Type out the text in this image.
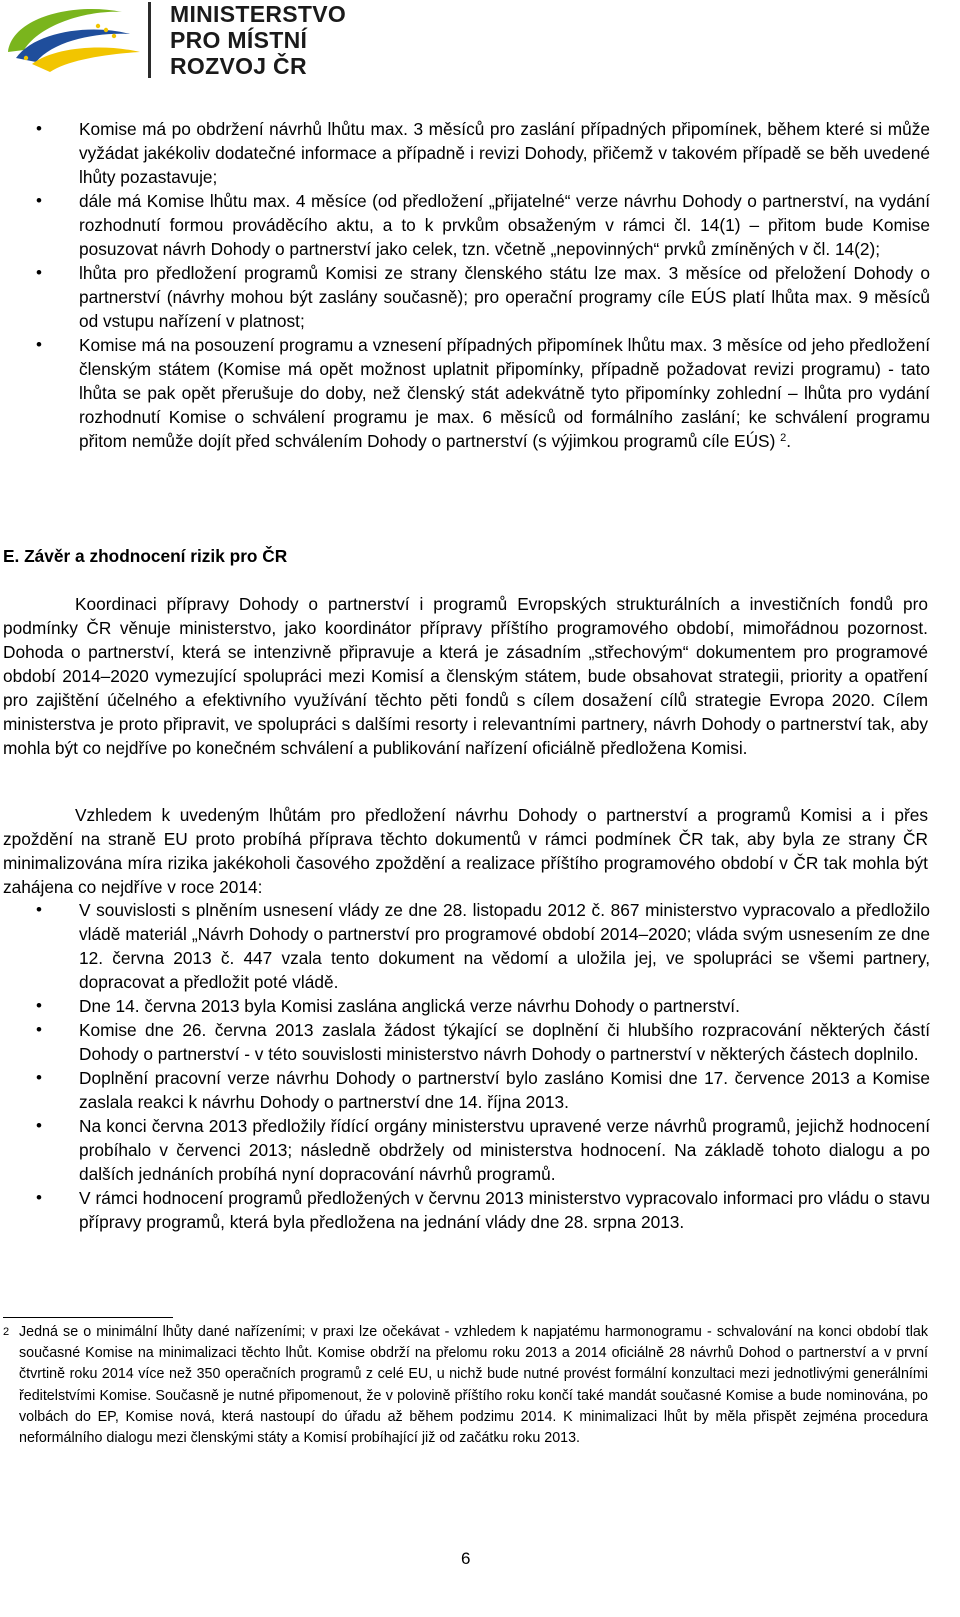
MINISTERSTVO
PRO MÍSTNÍ
ROZVOJ ČR
• Komise má po obdržení návrhů lhůtu max. 3 měsíců pro zaslání případných připomínek, během které si může vyžádat jakékoliv dodatečné informace a případně i revizi Dohody, přičemž v takovém případě se běh uvedené lhůty pozastavuje;
• dále má Komise lhůtu max. 4 měsíce (od předložení „přijatelné“ verze návrhu Dohody o partnerství, na vydání rozhodnutí formou prováděcího aktu, a to k prvkům obsaženým v rámci čl. 14(1) – přitom bude Komise posuzovat návrh Dohody o partnerství jako celek, tzn. včetně „nepovinných“ prvků zmíněných v čl. 14(2);
• lhůta pro předložení programů Komisi ze strany členského státu lze max. 3 měsíce od přeložení Dohody o partnerství (návrhy mohou být zaslány současně); pro operační programy cíle EÚS platí lhůta max. 9 měsíců od vstupu nařízení v platnost;
• Komise má na posouzení programu a vznesení případných připomínek lhůtu max. 3 měsíce od jeho předložení členským státem (Komise má opět možnost uplatnit připomínky, případně požadovat revizi programu) - tato lhůta se pak opět přerušuje do doby, než členský stát adekvátně tyto připomínky zohlední – lhůta pro vydání rozhodnutí Komise o schválení programu je max. 6 měsíců od formálního zaslání; ke schválení programu přitom nemůže dojít před schválením Dohody o partnerství (s výjimkou programů cíle EÚS) $^2$.
E. Závěr a zhodnocení rizik pro ČR

Koordinaci přípravy Dohody o partnerství i programů Evropských strukturálních a investičních fondů pro podmínky ČR věnuje ministerstvo, jako koordinátor přípravy příštího programového období, mimořádnou pozornost. Dohoda o partnerství, která se intenzivně připravuje a která je zásadním „střechovým“ dokumentem pro programové období 2014–2020 vymezující spolupráci mezi Komisí a členským státem, bude obsahovat strategii, priority a opatření pro zajištění účelného a efektivního využívání těchto pěti fondů s cílem dosažení cílů strategie Evropa 2020. Cílem ministerstva je proto připravit, ve spolupráci s dalšími resorty i relevantními partnery, návrh Dohody o partnerství tak, aby mohla být co nejdříve po konečném schválení a publikování nařízení oficiálně předložena Komisi.

Vzhledem k uvedeným lhůtám pro předložení návrhu Dohody o partnerství a programů Komisi a i přes zpoždění na straně EU proto probíhá příprava těchto dokumentů v rámci podmínek ČR tak, aby byla ze strany ČR minimalizována míra rizika jakékoholi časového zpoždění a realizace příštího programového období v ČR tak mohla být zahájena co nejdříve v roce 2014:

• V souvislosti s plněním usnesení vlády ze dne 28. listopadu 2012 č. 867 ministerstvo vypracovalo a předložilo vládě materiál „Návrh Dohody o partnerství pro programové období 2014–2020; vláda svým usnesením ze dne 12. června 2013 č. 447 vzala tento dokument na vědomí a uložila jej, ve spolupráci se všemi partnery, dopracovat a předložit poté vládě.
• Dne 14. června 2013 byla Komisi zaslána anglická verze návrhu Dohody o partnerství.
• Komise dne 26. června 2013 zaslala žádost týkající se doplnění či hlubšího rozpracování některých částí Dohody o partnerství - v této souvislosti ministerstvo návrh Dohody o partnerství v některých částech doplnilo.
• Doplnění pracovní verze návrhu Dohody o partnerství bylo zasláno Komisi dne 17. července 2013 a Komise zaslala reakci k návrhu Dohody o partnerství dne 14. října 2013.
• Na konci června 2013 předložily řídící orgány ministerstvu upravené verze návrhů programů, jejichž hodnocení probíhalo v červenci 2013; následně obdržely od ministerstva hodnocení. Na základě tohoto dialogu a po dalších jednáních probíhá nyní dopracování návrhů programů.
• V rámci hodnocení programů předložených v červnu 2013 ministerstvo vypracovalo informaci pro vládu o stavu přípravy programů, která byla předložena na jednání vlády dne 28. srpna 2013.
2 Jedná se o minimální lhůty dané nařízeními; v praxi lze očekávat - vzhledem k napjatému harmonogramu - schvalování na konci období tlak současné Komise na minimalizaci těchto lhůt. Komise obdrží na přelomu roku 2013 a 2014 oficiálně 28 návrhů Dohod o partnerství a v první čtvrtině roku 2014 více než 350 operačních programů z celé EU, u nichž bude nutné provést formální konzultaci mezi jednotlivými generálními ředitelstvími Komise. Současně je nutné připomenout, že v polovině příštího roku končí také mandát současné Komise a bude nominována, po volbách do EP, Komise nová, která nastoupí do úřadu až během podzimu 2014. K minimalizaci lhůt by měla přispět zejména procedura neformálního dialogu mezi členskými státy a Komisí probíhající již od začátku roku 2013.
6
